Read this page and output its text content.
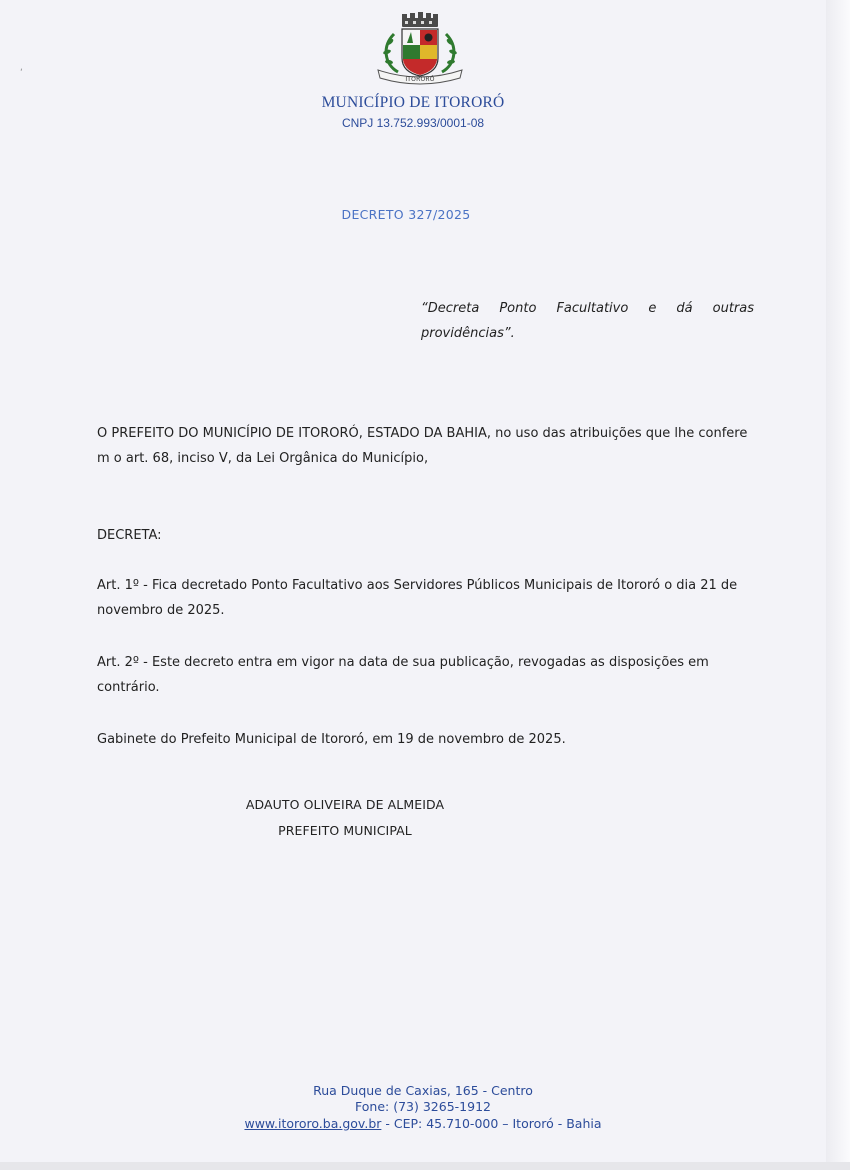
‘
ITORORÓ
MUNICÍPIO DE ITORORÓ
CNPJ 13.752.993/0001-08
DECRETO 327/2025
“Decreta Ponto Facultativo e dá outras
providências”.
O PREFEITO DO MUNICÍPIO DE ITORORÓ, ESTADO DA BAHIA, no uso das atribuições que lhe confere​m o art. 68, inciso V, da Lei Orgânica do Município,
DECRETA:
Art. 1º - Fica decretado Ponto Facultativo aos Servidores Públicos Municipais de Itororó o dia 21 de novembro de 2025.
Art. 2º - Este decreto entra em vigor na data de sua publicação, revogadas as disposições em contrário.
Gabinete do Prefeito Municipal de Itororó, em 19 de novembro de 2025.
ADAUTO OLIVEIRA DE ALMEIDA
PREFEITO MUNICIPAL
Rua Duque de Caxias, 165 - Centro
Fone: (73) 3265-1912
www.itororo.ba.gov.br - CEP: 45.710-000 – Itororó - Bahia
